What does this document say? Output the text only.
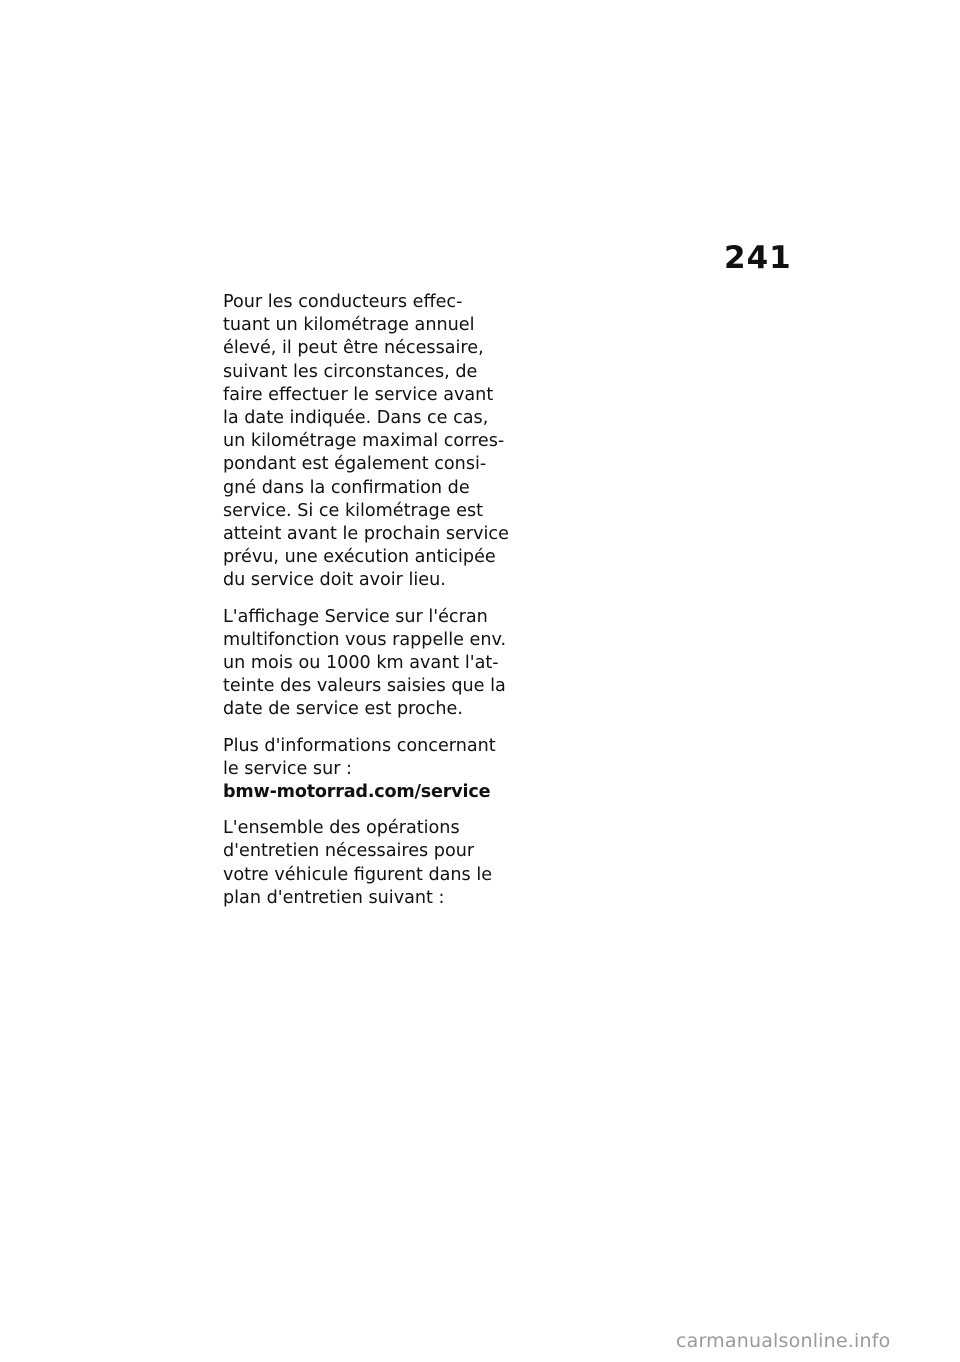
241
Pour les conducteurs effec-
tuant un kilométrage annuel
élevé, il peut être nécessaire,
suivant les circonstances, de
faire effectuer le service avant
la date indiquée. Dans ce cas,
un kilométrage maximal corres-
pondant est également consi-
gné dans la confirmation de
service. Si ce kilométrage est
atteint avant le prochain service
prévu, une exécution anticipée
du service doit avoir lieu.
L'affichage Service sur l'écran
multifonction vous rappelle env.
un mois ou 1000 km avant l'at-
teinte des valeurs saisies que la
date de service est proche.
Plus d'informations concernant
le service sur :
bmw-motorrad.com/service
L'ensemble des opérations
d'entretien nécessaires pour
votre véhicule figurent dans le
plan d'entretien suivant :
carmanualsonline.info
